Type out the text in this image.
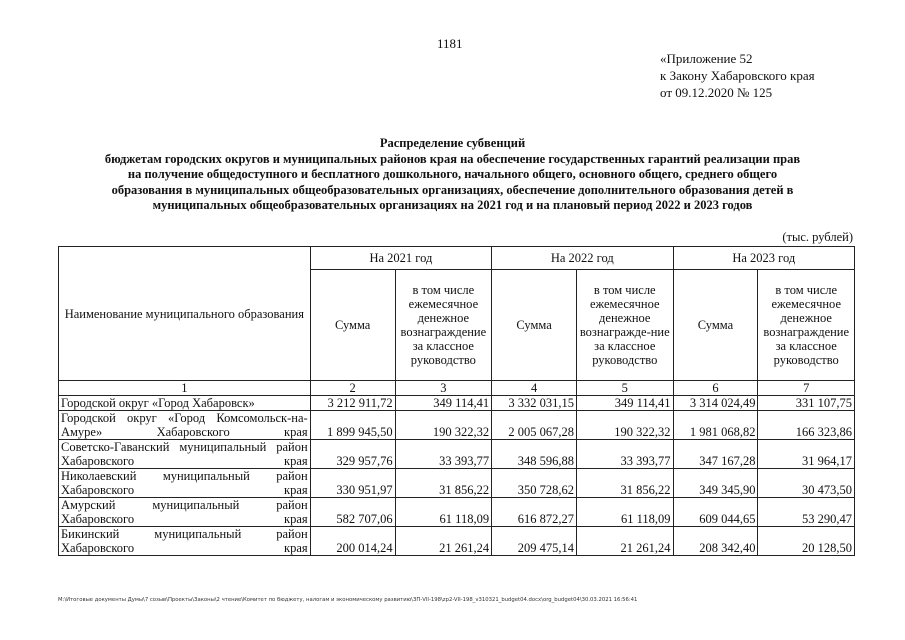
1181
«Приложение 52
к Закону Хабаровского края
от 09.12.2020 № 125
Распределение субвенций
бюджетам городских округов и муниципальных районов края на обеспечение государственных гарантий реализации прав
на получение общедоступного и бесплатного дошкольного, начального общего, основного общего, среднего общего
образования в муниципальных общеобразовательных организациях, обеспечение дополнительного образования детей в
муниципальных общеобразовательных организациях на 2021 год и на плановый период 2022 и 2023 годов
(тыс. рублей)
Наименование муниципального образования	На 2021 год		На 2022 год		На 2023 год	
	Сумма	в том числе ежемесячное денежное вознаграждение за классное руководство	Сумма	в том числе ежемесячное денежное вознагражде-ние за классное руководство	Сумма	в том числе ежемесячное денежное вознаграждение за классное руководство
1	2	3	4	5	6	7
Городской округ «Город Хабаровск»	3 212 911,72	349 114,41	3 332 031,15	349 114,41	3 314 024,49	331 107,75
Городской округ «Город Комсомольск-на-Амуре» Хабаровского края	1 899 945,50	190 322,32	2 005 067,28	190 322,32	1 981 068,82	166 323,86
Советско-Гаванский муниципальный район Хабаровского края	329 957,76	33 393,77	348 596,88	33 393,77	347 167,28	31 964,17
Николаевский муниципальный район Хабаровского края	330 951,97	31 856,22	350 728,62	31 856,22	349 345,90	30 473,50
Амурский муниципальный район Хабаровского края	582 707,06	61 118,09	616 872,27	61 118,09	609 044,65	53 290,47
Бикинский муниципальный район Хабаровского края	200 014,24	21 261,24	209 475,14	21 261,24	208 342,40	20 128,50
M:\Итоговые документы Думы\7 созыв\Проекты\Законы\2 чтение\Комитет по бюджету, налогам и экономическому развитию\ЗП-VII-198\zp2-VII-198_v310321_budget04.docx\org_budget04\30.03.2021 16:56:41
